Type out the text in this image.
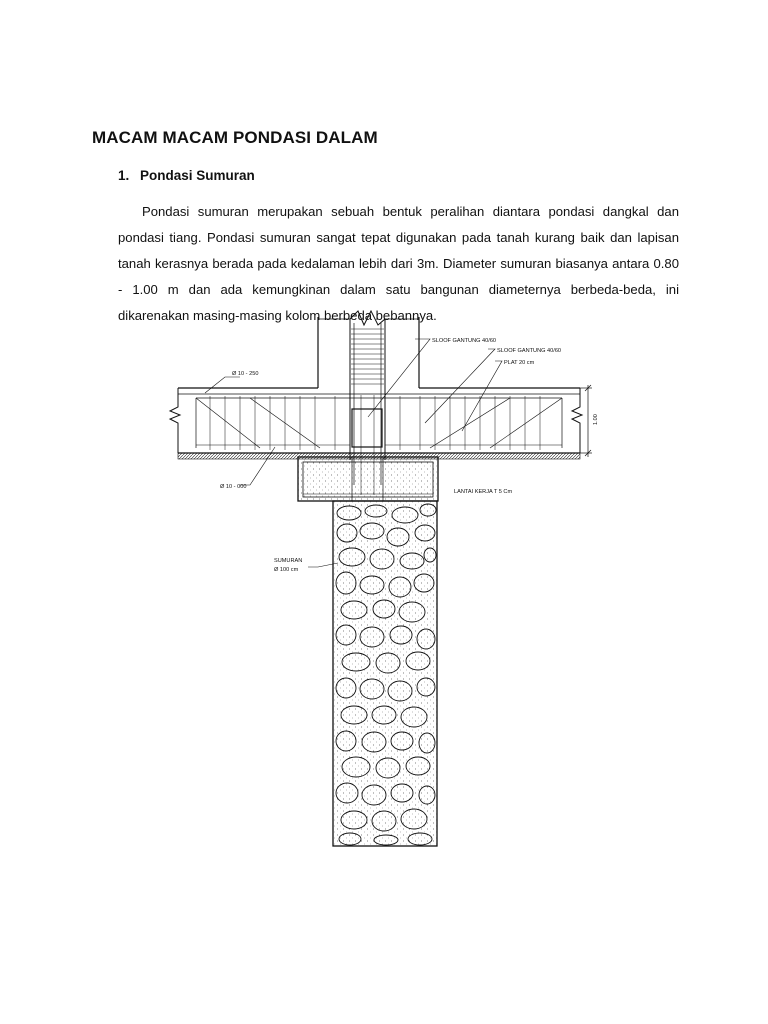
MACAM MACAM PONDASI DALAM
1. Pondasi Sumuran

Pondasi sumuran merupakan sebuah bentuk peralihan diantara pondasi dangkal dan pondasi tiang. Pondasi sumuran sangat tepat digunakan pada tanah kurang baik dan lapisan tanah kerasnya berada pada kedalaman lebih dari 3m. Diameter sumuran biasanya antara 0.80 - 1.00 m dan ada kemungkinan dalam satu bangunan diameternya berbeda-beda, ini dikarenakan masing-masing kolom berbeda bebannya.

1.00
SLOOF GANTUNG 40/60
SLOOF GANTUNG 40/60
PLAT 20 cm
Ø 10 - 250
Ø 10 - 000
LANTAI KERJA T 5 Cm
SUMURAN
Ø 100 cm
